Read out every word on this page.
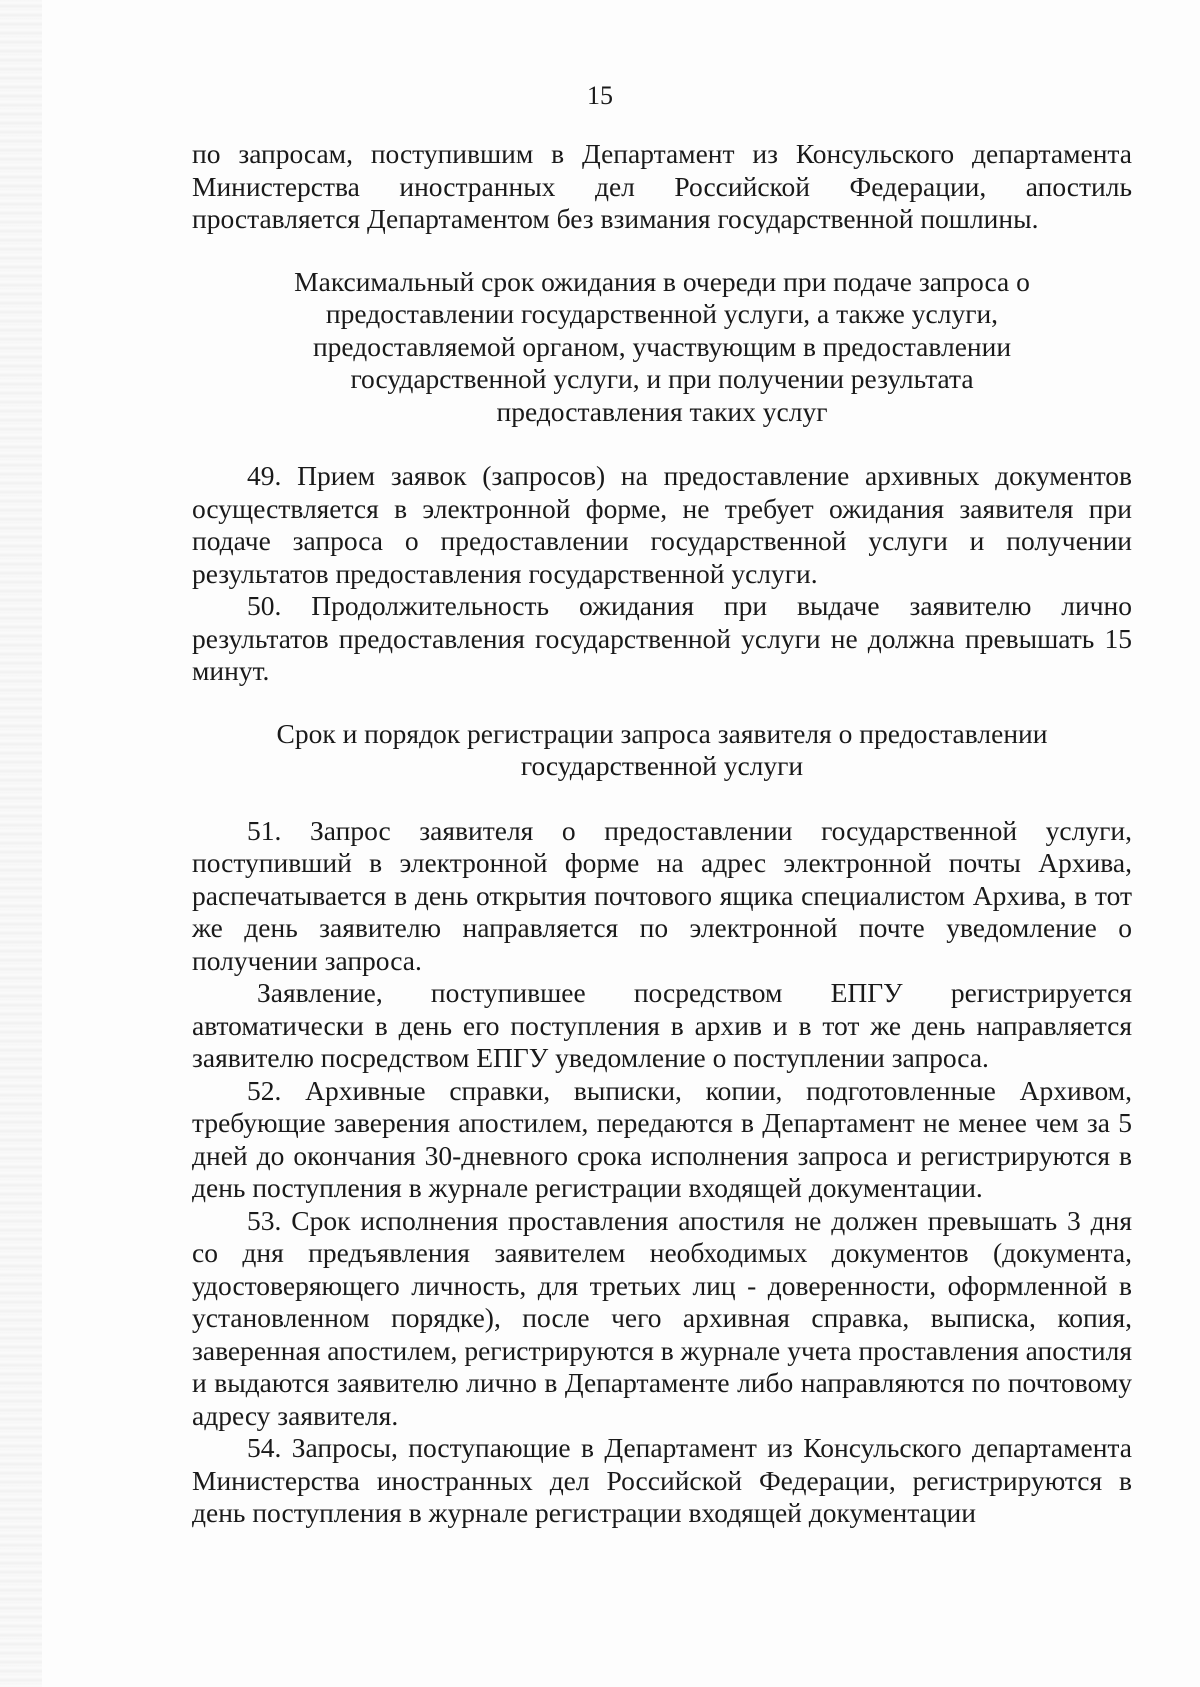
15

по запросам, поступившим в Департамент из Консульского департамента Министерства иностранных дел Российской Федерации, апостиль проставляется Департаментом без взимания государственной пошлины.

Максимальный срок ожидания в очереди при подаче запроса о предоставлении государственной услуги, а также услуги, предоставляемой органом, участвующим в предоставлении государственной услуги, и при получении результата предоставления таких услуг

49. Прием заявок (запросов) на предоставление архивных документов осуществляется в электронной форме, не требует ожидания заявителя при подаче запроса о предоставлении государственной услуги и получении результатов предоставления государственной услуги.

50. Продолжительность ожидания при выдаче заявителю лично результатов предоставления государственной услуги не должна превышать 15 минут.

Срок и порядок регистрации запроса заявителя о предоставлении государственной услуги

51. Запрос заявителя о предоставлении государственной услуги, поступивший в электронной форме на адрес электронной почты Архива, распечатывается в день открытия почтового ящика специалистом Архива, в тот же день заявителю направляется по электронной почте уведомление о получении запроса.

Заявление, поступившее посредством ЕПГУ регистрируется автоматически в день его поступления в архив и в тот же день направляется заявителю посредством ЕПГУ уведомление о поступлении запроса.

52. Архивные справки, выписки, копии, подготовленные Архивом, требующие заверения апостилем, передаются в Департамент не менее чем за 5 дней до окончания 30-дневного срока исполнения запроса и регистрируются в день поступления в журнале регистрации входящей документации.

53. Срок исполнения проставления апостиля не должен превышать 3 дня со дня предъявления заявителем необходимых документов (документа, удостоверяющего личность, для третьих лиц - доверенности, оформленной в установленном порядке), после чего архивная справка, выписка, копия, заверенная апостилем, регистрируются в журнале учета проставления апостиля и выдаются заявителю лично в Департаменте либо направляются по почтовому адресу заявителя.

54. Запросы, поступающие в Департамент из Консульского департамента Министерства иностранных дел Российской Федерации, регистрируются в день поступления в журнале регистрации входящей документации
